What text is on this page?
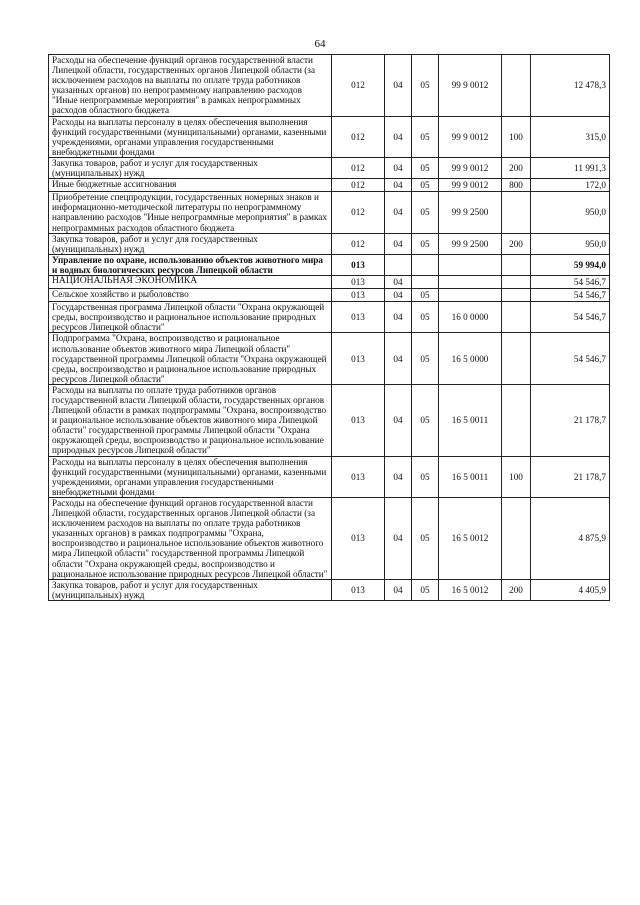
64
Расходы на обеспечение функций органов государственной власти Липецкой области, государственных органов Липецкой области (за исключением расходов на выплаты по оплате труда работников указанных органов) по непрограммному направлению расходов "Иные непрограммные мероприятия" в рамках непрограммных расходов областного бюджета	012	04	05	99 9 0012		12 478,3
Расходы на выплаты персоналу в целях обеспечения выполнения функций государственными (муниципальными) органами, казенными учреждениями, органами управления государственными внебюджетными фондами	012	04	05	99 9 0012	100	315,0
Закупка товаров, работ и услуг для государственных (муниципальных) нужд	012	04	05	99 9 0012	200	11 991,3
Иные бюджетные ассигнования	012	04	05	99 9 0012	800	172,0
Приобретение спецпродукции, государственных номерных знаков и информационно-методической литературы по непрограммному направлению расходов "Иные непрограммные мероприятия" в рамках непрограммных расходов областного бюджета	012	04	05	99 9 2500		950,0
Закупка товаров, работ и услуг для государственных (муниципальных) нужд	012	04	05	99 9 2500	200	950,0
Управление по охране, использованию объектов животного мира и водных биологических ресурсов Липецкой области	013					59 994,0
НАЦИОНАЛЬНАЯ ЭКОНОМИКА	013	04				54 546,7
Сельское хозяйство и рыболовство	013	04	05			54 546,7
Государственная программа Липецкой области "Охрана окружающей среды, воспроизводство и рациональное использование природных ресурсов Липецкой области"	013	04	05	16 0 0000		54 546,7
Подпрограмма "Охрана, воспроизводство и рациональное использование объектов животного мира Липецкой области" государственной программы Липецкой области "Охрана окружающей среды, воспроизводство и рациональное использование природных ресурсов Липецкой области"	013	04	05	16 5 0000		54 546,7
Расходы на выплаты по оплате труда работников органов государственной власти Липецкой области, государственных органов Липецкой области в рамках подпрограммы "Охрана, воспроизводство и рациональное использование объектов животного мира Липецкой области" государственной программы Липецкой области "Охрана окружающей среды, воспроизводство и рациональное использование природных ресурсов Липецкой области"	013	04	05	16 5 0011		21 178,7
Расходы на выплаты персоналу в целях обеспечения выполнения функций государственными (муниципальными) органами, казенными учреждениями, органами управления государственными внебюджетными фондами	013	04	05	16 5 0011	100	21 178,7
Расходы на обеспечение функций органов государственной власти Липецкой области, государственных органов Липецкой области (за исключением расходов на выплаты по оплате труда работников указанных органов) в рамках подпрограммы "Охрана, воспроизводство и рациональное использование объектов животного мира Липецкой области" государственной программы Липецкой области "Охрана окружающей среды, воспроизводство и рациональное использование природных ресурсов Липецкой области"	013	04	05	16 5 0012		4 875,9
Закупка товаров, работ и услуг для государственных (муниципальных) нужд	013	04	05	16 5 0012	200	4 405,9
